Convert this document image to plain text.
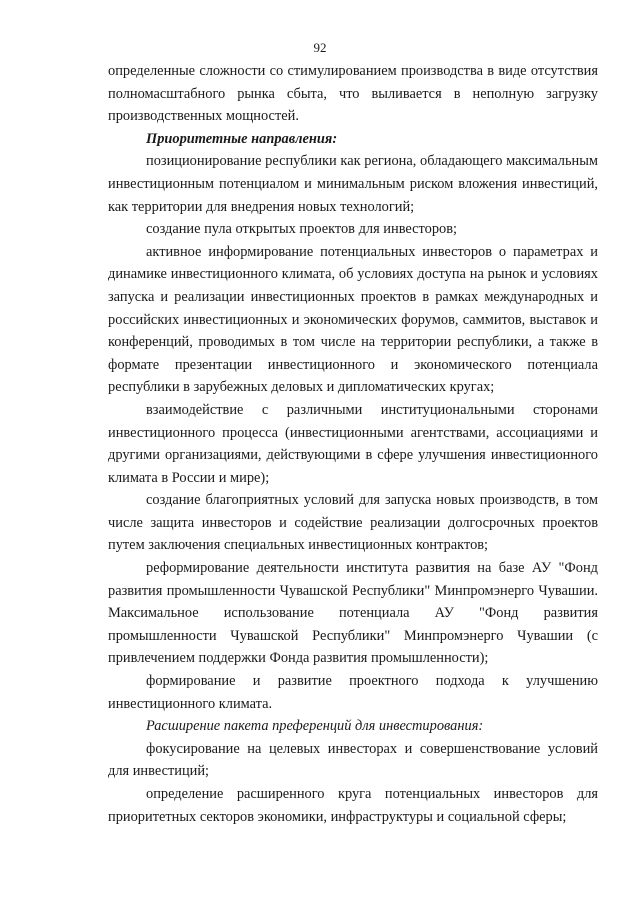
92

определенные сложности со стимулированием производства в виде отсутствия полномасштабного рынка сбыта, что выливается в неполную загрузку производственных мощностей.

Приоритетные направления:

позиционирование республики как региона, обладающего максимальным инвестиционным потенциалом и минимальным риском вложения инвестиций, как территории для внедрения новых технологий;

создание пула открытых проектов для инвесторов;

активное информирование потенциальных инвесторов о параметрах и динамике инвестиционного климата, об условиях доступа на рынок и условиях запуска и реализации инвестиционных проектов в рамках международных и российских инвестиционных и экономических форумов, саммитов, выставок и конференций, проводимых в том числе на территории республики, а также в формате презентации инвестиционного и экономического потенциала республики в зарубежных деловых и дипломатических кругах;

взаимодействие с различными институциональными сторонами инвестиционного процесса (инвестиционными агентствами, ассоциациями и другими организациями, действующими в сфере улучшения инвестиционного климата в России и мире);

создание благоприятных условий для запуска новых производств, в том числе защита инвесторов и содействие реализации долгосрочных проектов путем заключения специальных инвестиционных контрактов;

реформирование деятельности института развития на базе АУ "Фонд развития промышленности Чувашской Республики" Минпромэнерго Чувашии. Максимальное использование потенциала АУ "Фонд развития промышленности Чувашской Республики" Минпромэнерго Чувашии (с привлечением поддержки Фонда развития промышленности);

формирование и развитие проектного подхода к улучшению инвестиционного климата.

Расширение пакета преференций для инвестирования:

фокусирование на целевых инвесторах и совершенствование условий для инвестиций;

определение расширенного круга потенциальных инвесторов для приоритетных секторов экономики, инфраструктуры и социальной сферы;
